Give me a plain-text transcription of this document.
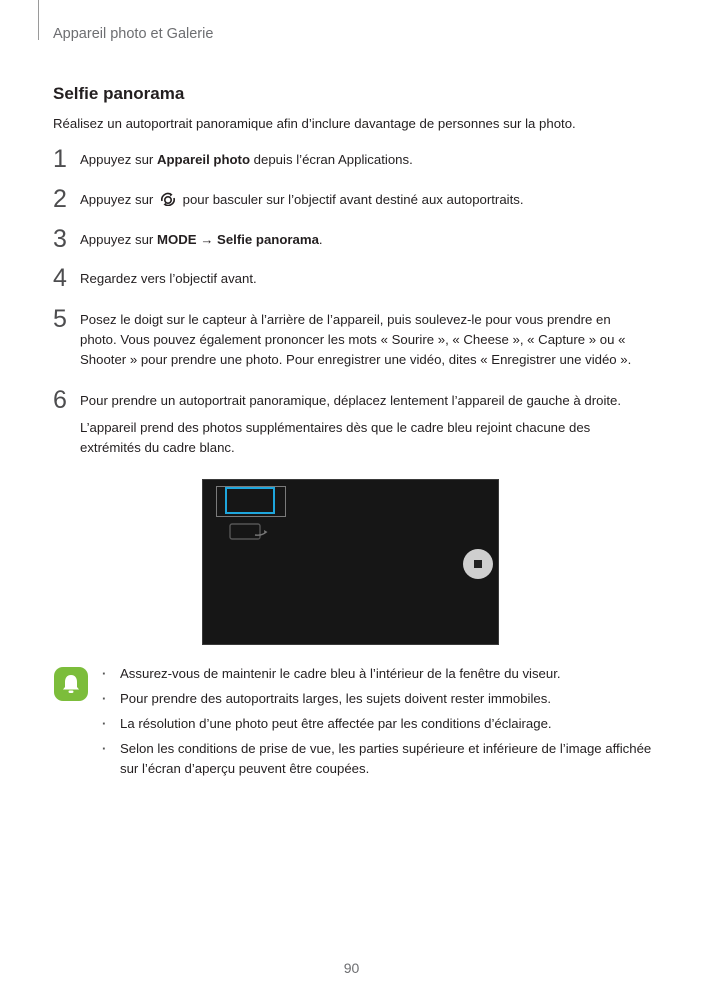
Appareil photo et Galerie
Selfie panorama
Réalisez un autoportrait panoramique afin d’inclure davantage de personnes sur la photo.
1 Appuyez sur Appareil photo depuis l’écran Applications.
2 Appuyez sur  pour basculer sur l’objectif avant destiné aux autoportraits.
3 Appuyez sur MODE → Selfie panorama.
4 Regardez vers l’objectif avant.
5 Posez le doigt sur le capteur à l’arrière de l’appareil, puis soulevez-le pour vous prendre en photo. Vous pouvez également prononcer les mots « Sourire », « Cheese », « Capture » ou « Shooter » pour prendre une photo. Pour enregistrer une vidéo, dites « Enregistrer une vidéo ».
6 Pour prendre un autoportrait panoramique, déplacez lentement l’appareil de gauche à droite.
L’appareil prend des photos supplémentaires dès que le cadre bleu rejoint chacune des extrémités du cadre blanc.
· Assurez-vous de maintenir le cadre bleu à l’intérieur de la fenêtre du viseur.
· Pour prendre des autoportraits larges, les sujets doivent rester immobiles.
· La résolution d’une photo peut être affectée par les conditions d’éclairage.
· Selon les conditions de prise de vue, les parties supérieure et inférieure de l’image affichée sur l’écran d’aperçu peuvent être coupées.
90
